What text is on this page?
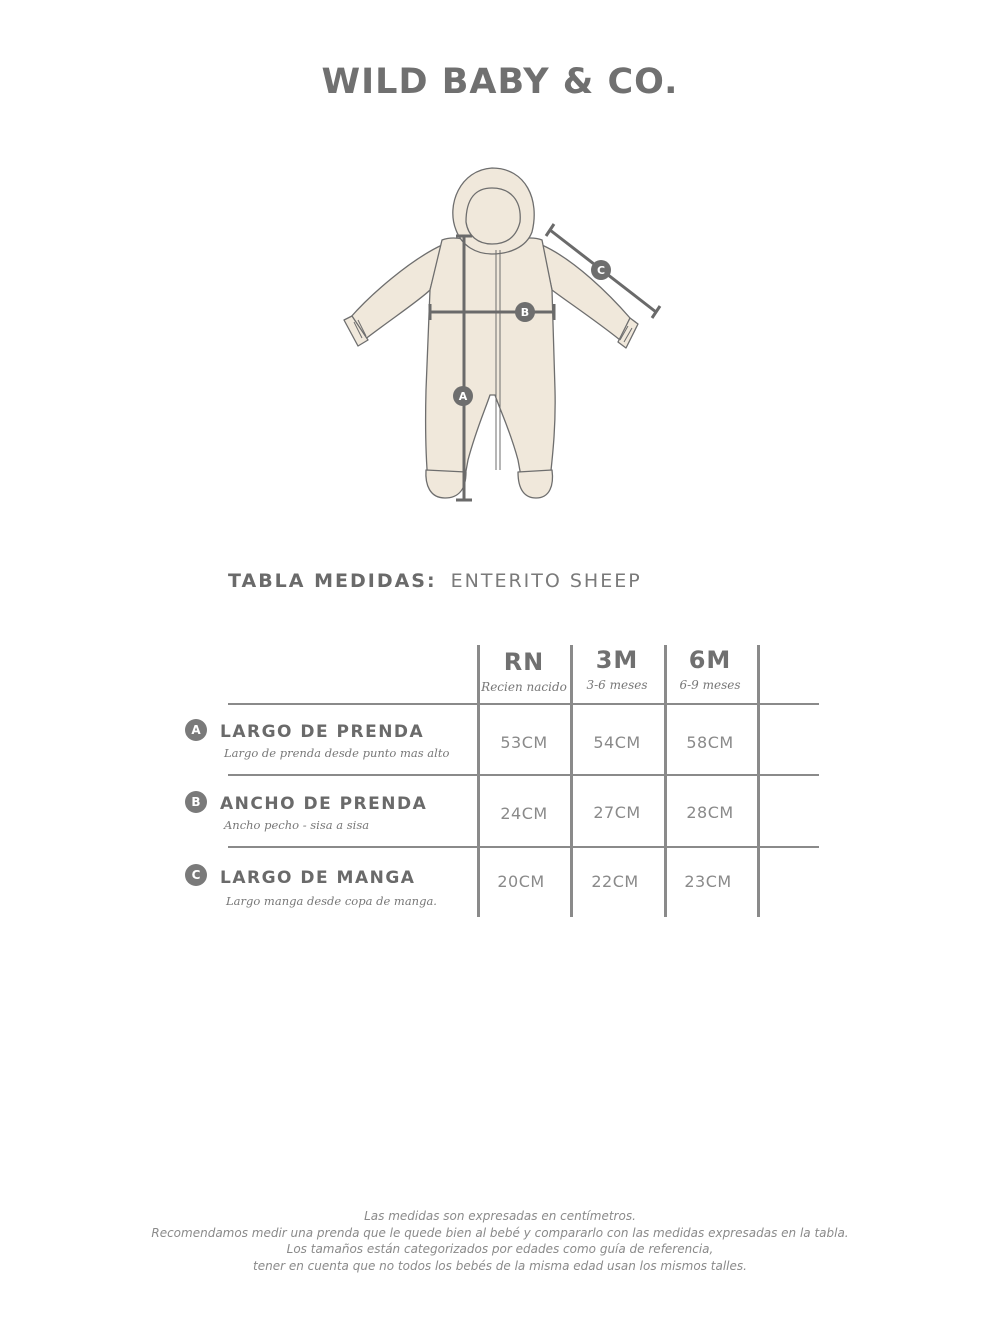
WILD BABY & CO.
A
B
C
TABLA MEDIDAS: ENTERITO SHEEP
RN
Recien nacido
3M
3-6 meses
6M
6-9 meses
A	LARGO DE PRENDA
Largo de prenda desde punto mas alto
53CM	54CM	58CM
B	ANCHO DE PRENDA
Ancho pecho - sisa a sisa
24CM	27CM	28CM
C	LARGO DE MANGA
Largo manga desde copa de manga.
20CM	22CM	23CM
Las medidas son expresadas en centímetros.
Recomendamos medir una prenda que le quede bien al bebé y compararlo con las medidas expresadas en la tabla.
Los tamaños están categorizados por edades como guía de referencia,
tener en cuenta que no todos los bebés de la misma edad usan los mismos talles.
